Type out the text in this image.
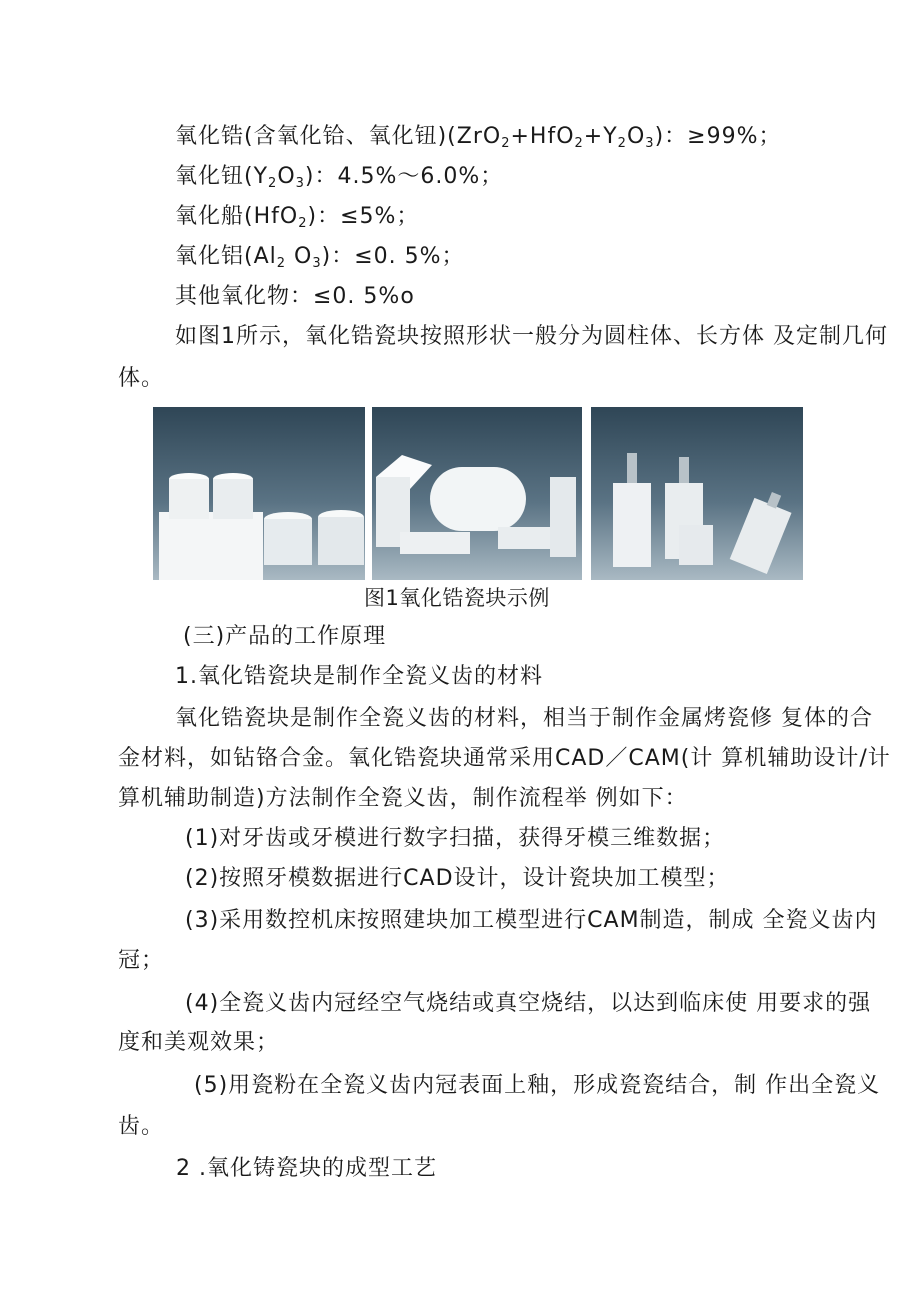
氧化锆(含氧化铪、氧化钮)$(ZrO_2+HfO_2+Y_2O_3)$：≥99%；
氧化钮$(Y_2O_3)$：4.5%～6.0%；
氧化船(HfO$_2$)：≤5%；
氧化铝($Al_2$ $O_3$)：≤0. 5%；
其他氧化物：≤0. 5%o
如图1所示，氧化锆瓷块按照形状一般分为圆柱体、长方体 及定制几何
体。
图1氧化锆瓷块示例
(三)产品的工作原理
1.氧化锆瓷块是制作全瓷义齿的材料
氧化锆瓷块是制作全瓷义齿的材料，相当于制作金属烤瓷修 复体的合
金材料，如钻铬合金。氧化锆瓷块通常采用CAD／CAM(计 算机辅助设计/计
算机辅助制造)方法制作全瓷义齿，制作流程举 例如下：
(1)对牙齿或牙模进行数字扫描，获得牙模三维数据；
(2)按照牙模数据进行CAD设计，设计瓷块加工模型；
(3)采用数控机床按照建块加工模型进行CAM制造，制成 全瓷义齿内
冠；
(4)全瓷义齿内冠经空气烧结或真空烧结，以达到临床使 用要求的强
度和美观效果；
(5)用瓷粉在全瓷义齿内冠表面上釉，形成瓷瓷结合，制 作出全瓷义
齿。
2 .氧化铸瓷块的成型工艺
